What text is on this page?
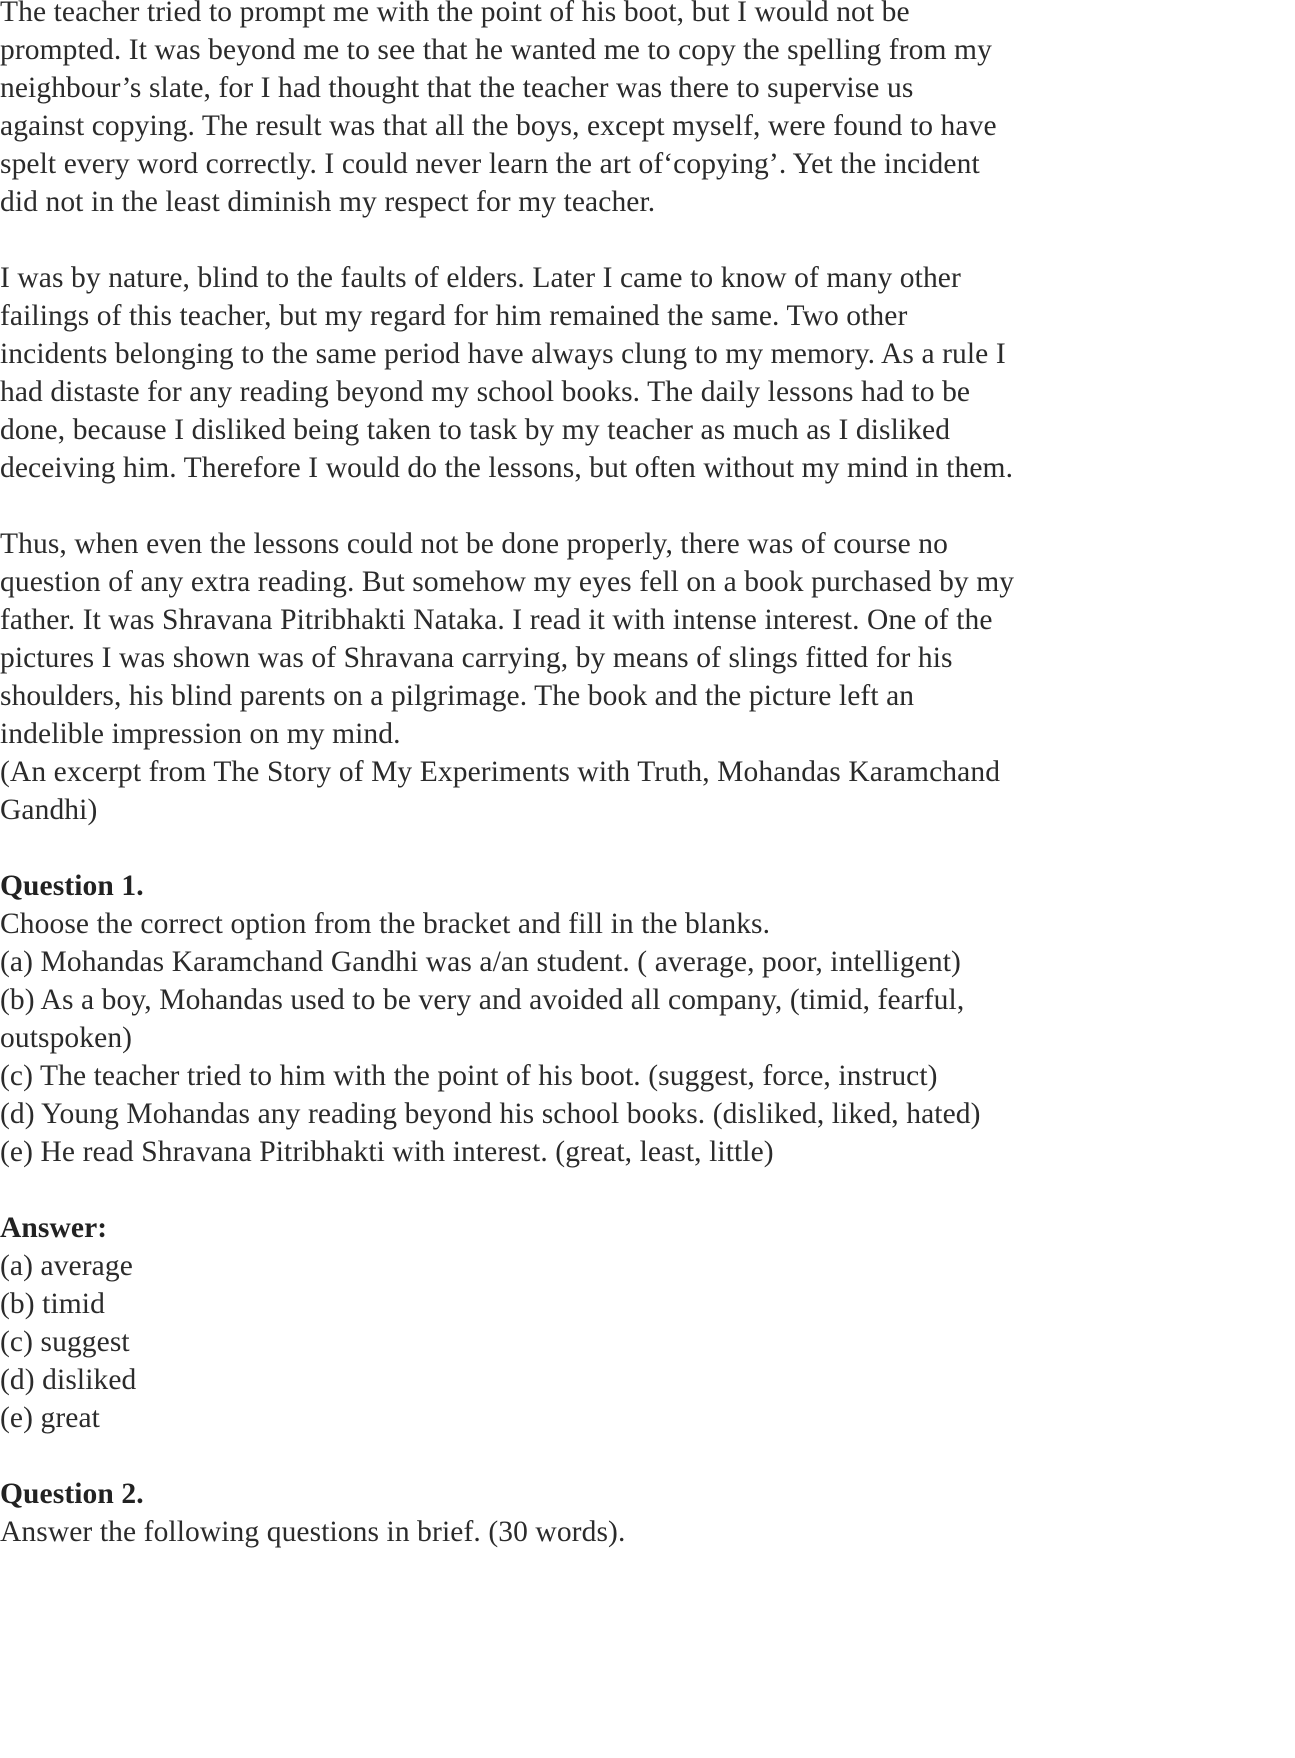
The teacher tried to prompt me with the point of his boot, but I would not be
prompted. It was beyond me to see that he wanted me to copy the spelling from my
neighbour’s slate, for I had thought that the teacher was there to supervise us
against copying. The result was that all the boys, except myself, were found to have
spelt every word correctly. I could never learn the art of‘copying’. Yet the incident
did not in the least diminish my respect for my teacher.
I was by nature, blind to the faults of elders. Later I came to know of many other
failings of this teacher, but my regard for him remained the same. Two other
incidents belonging to the same period have always clung to my memory. As a rule I
had distaste for any reading beyond my school books. The daily lessons had to be
done, because I disliked being taken to task by my teacher as much as I disliked
deceiving him. Therefore I would do the lessons, but often without my mind in them.
Thus, when even the lessons could not be done properly, there was of course no
question of any extra reading. But somehow my eyes fell on a book purchased by my
father. It was Shravana Pitribhakti Nataka. I read it with intense interest. One of the
pictures I was shown was of Shravana carrying, by means of slings fitted for his
shoulders, his blind parents on a pilgrimage. The book and the picture left an
indelible impression on my mind.
(An excerpt from The Story of My Experiments with Truth, Mohandas Karamchand
Gandhi)
Question 1.
Choose the correct option from the bracket and fill in the blanks.
(a) Mohandas Karamchand Gandhi was a/an student. ( average, poor, intelligent)
(b) As a boy, Mohandas used to be very and avoided all company, (timid, fearful,
outspoken)
(c) The teacher tried to him with the point of his boot. (suggest, force, instruct)
(d) Young Mohandas any reading beyond his school books. (disliked, liked, hated)
(e) He read Shravana Pitribhakti with interest. (great, least, little)
Answer:
(a) average
(b) timid
(c) suggest
(d) disliked
(e) great
Question 2.
Answer the following questions in brief. (30 words).
